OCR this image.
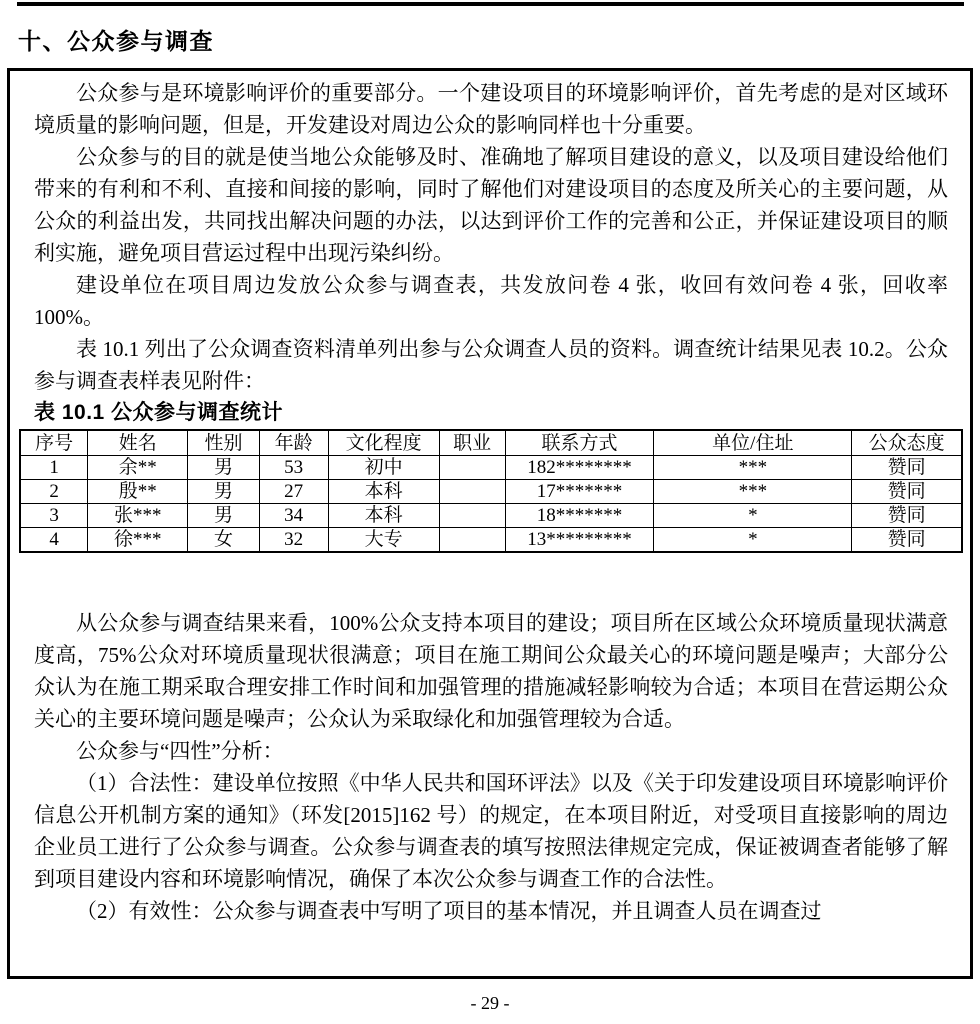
十、公众参与调查

公众参与是环境影响评价的重要部分。一个建设项目的环境影响评价，首先考虑的是对区域环境质量的影响问题，但是，开发建设对周边公众的影响同样也十分重要。

公众参与的目的就是使当地公众能够及时、准确地了解项目建设的意义，以及项目建设给他们带来的有利和不利、直接和间接的影响，同时了解他们对建设项目的态度及所关心的主要问题，从公众的利益出发，共同找出解决问题的办法，以达到评价工作的完善和公正，并保证建设项目的顺利实施，避免项目营运过程中出现污染纠纷。

建设单位在项目周边发放公众参与调查表，共发放问卷 4 张，收回有效问卷 4 张，回收率 100%。

表 10.1 列出了公众调查资料清单列出参与公众调查人员的资料。调查统计结果见表 10.2。公众参与调查表样表见附件：

表 10.1 公众参与调查统计

序号	姓名	性别	年龄	文化程度	职业	联系方式	单位/住址	公众态度
1	余**	男	53	初中		182********	***	赞同
2	殷**	男	27	本科		17*******	***	赞同
3	张***	男	34	本科		18*******	*	赞同
4	徐***	女	32	大专		13*********	*	赞同

从公众参与调查结果来看，100%公众支持本项目的建设；项目所在区域公众环境质量现状满意度高，75%公众对环境质量现状很满意；项目在施工期间公众最关心的环境问题是噪声；大部分公众认为在施工期采取合理安排工作时间和加强管理的措施减轻影响较为合适；本项目在营运期公众关心的主要环境问题是噪声；公众认为采取绿化和加强管理较为合适。

公众参与“四性”分析：

（1）合法性：建设单位按照《中华人民共和国环评法》以及《关于印发建设项目环境影响评价信息公开机制方案的通知》（环发[2015]162 号）的规定，在本项目附近，对受项目直接影响的周边企业员工进行了公众参与调查。公众参与调查表的填写按照法律规定完成，保证被调查者能够了解到项目建设内容和环境影响情况，确保了本次公众参与调查工作的合法性。

（2）有效性：公众参与调查表中写明了项目的基本情况，并且调查人员在调查过

- 29 -
